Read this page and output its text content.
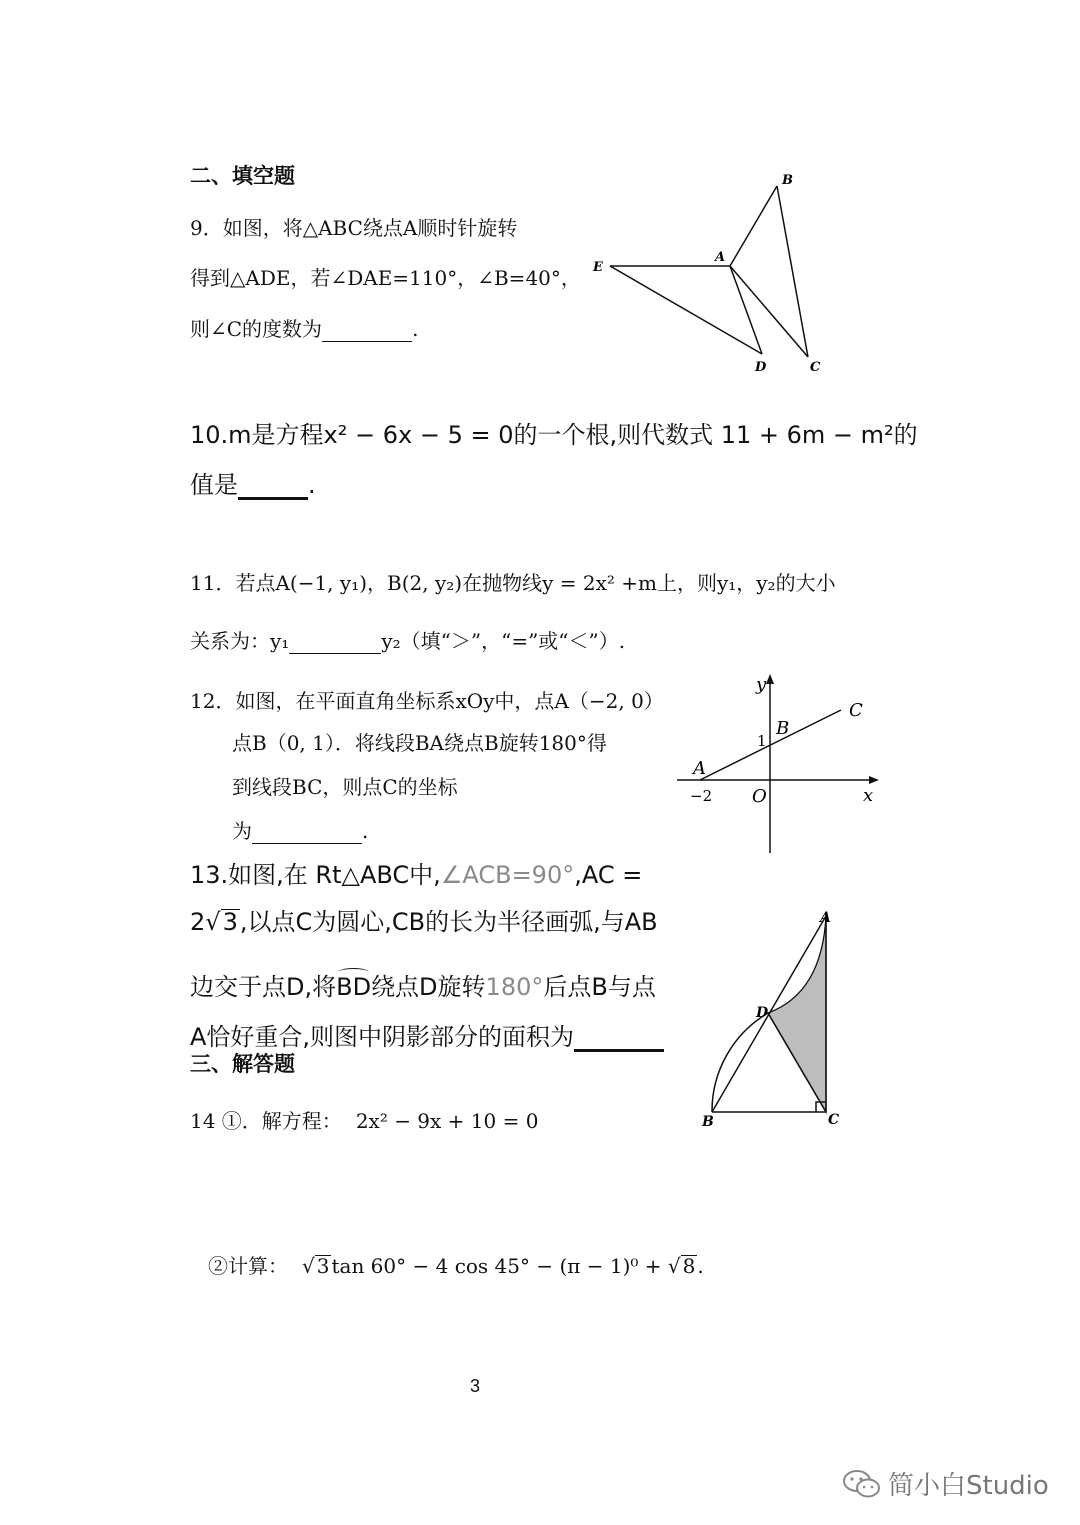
二、填空题
9．如图，将△ABC绕点A顺时针旋转
得到△ADE，若∠DAE=110°，∠B=40°，
则∠C的度数为	.
B
A
E
D	C
10.m是方程x² − 6x − 5 = 0的一个根,则代数式 11 + 6m − m²的
值是	.
11．若点A(−1, y₁)，B(2, y₂)在抛物线y = 2x² +m上，则y₁，y₂的大小
关系为：y₁	y₂（填“＞”，“=”或“＜”）.
12．如图，在平面直角坐标系xOy中，点A（−2, 0）
点B（0, 1）．将线段BA绕点B旋转180°得
到线段BC，则点C的坐标
为	.
y
x
O
A
B
C
1
−2
13.如图,在 Rt△ABC中,∠ACB=90°,AC =
2√3,以点C为圆心,CB的长为半径画弧,与AB
边交于点D,将
BD绕点D旋转180°后点B与点
A恰好重合,则图中阴影部分的面积为
A
D
B	C
三、解答题
14 ①．解方程： 2x² − 9x + 10 = 0
②计算： √ 3 tan 60° − 4 cos 45° − (π − 1)⁰ + √ 8 .
3
简小白Studio
